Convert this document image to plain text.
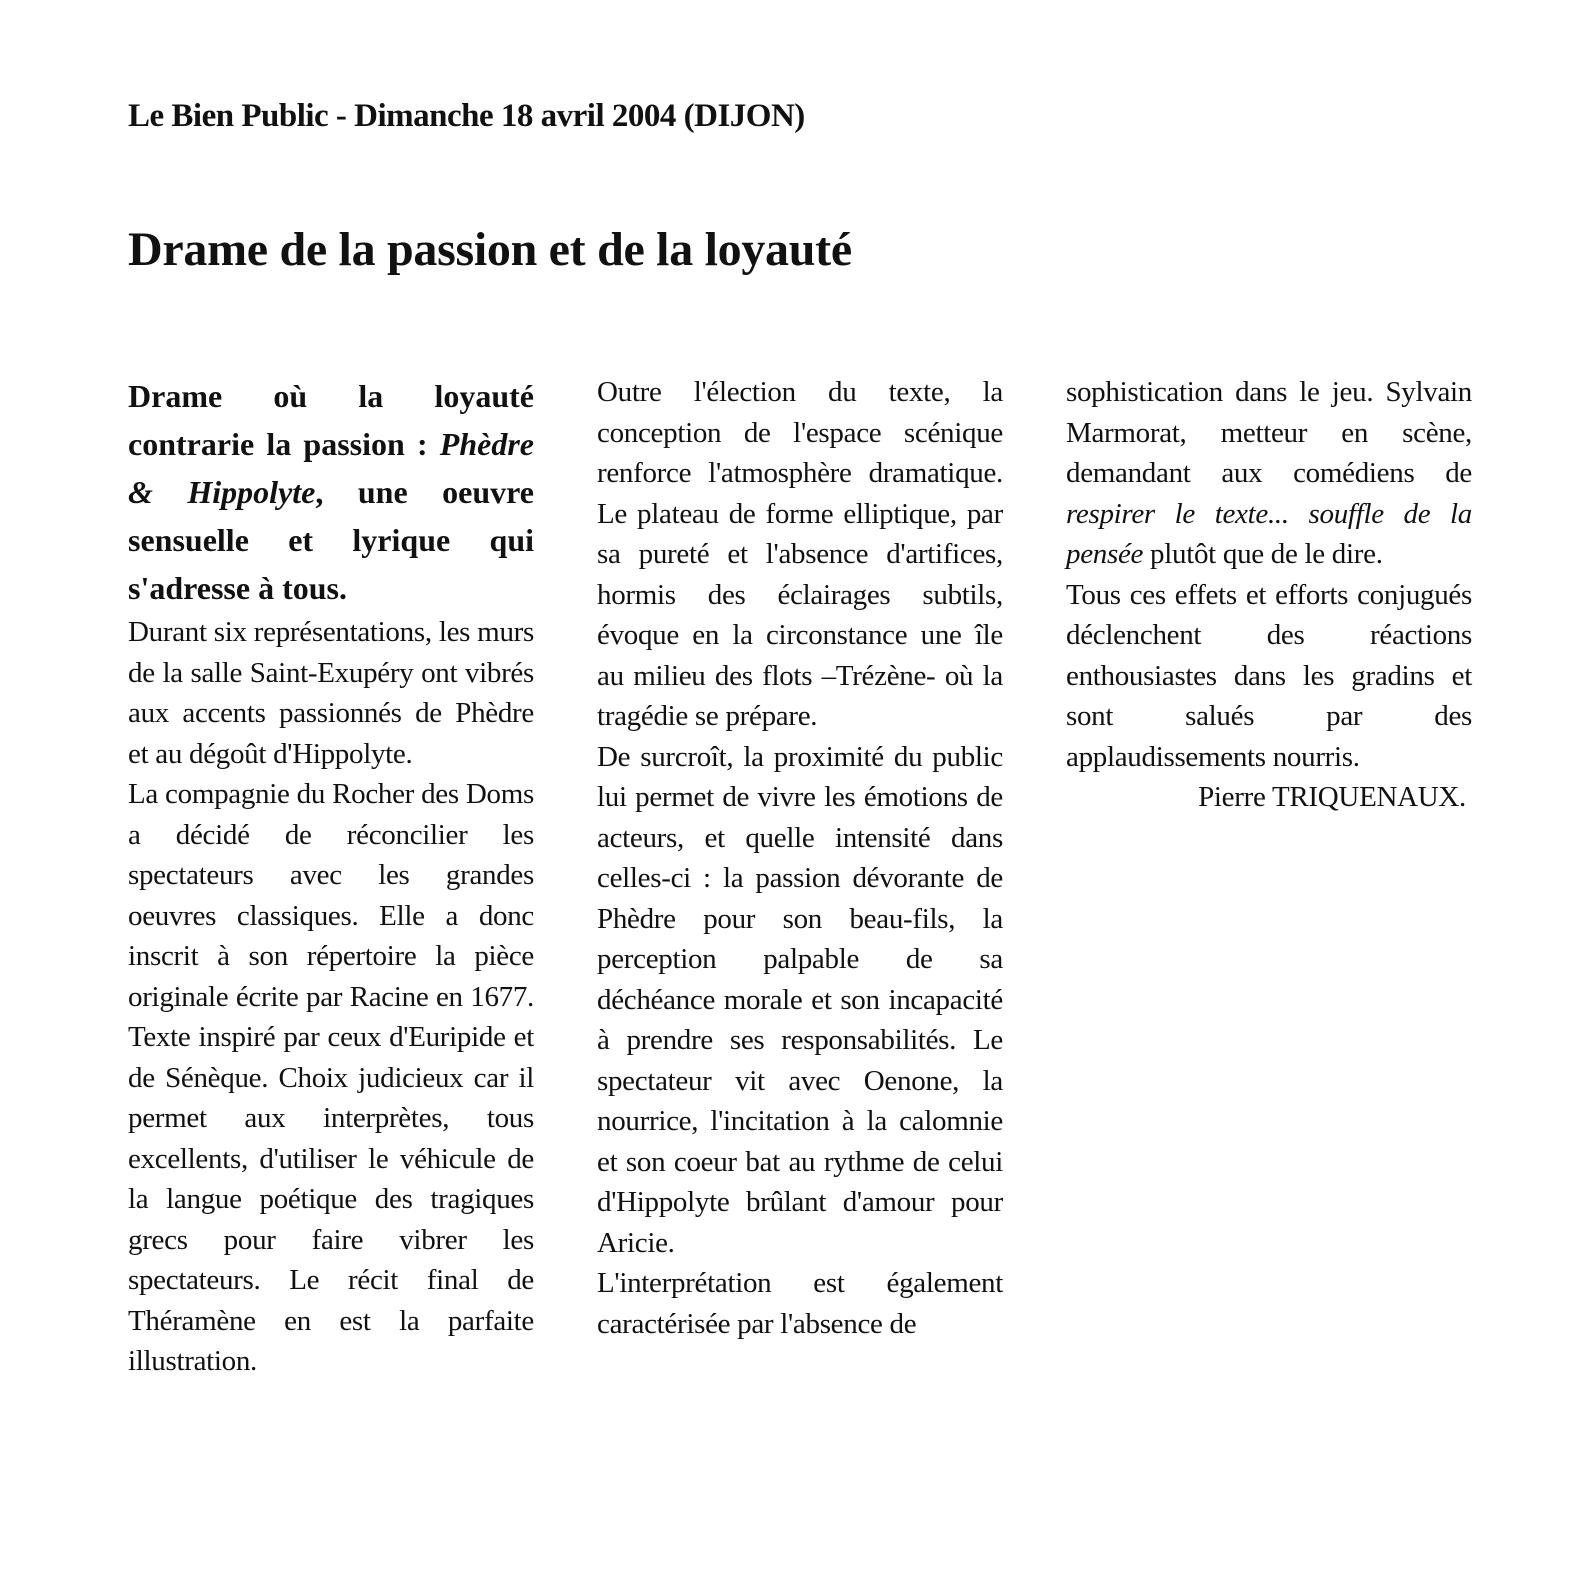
Le Bien Public - Dimanche 18 avril 2004 (DIJON)
Drame de la passion et de la loyauté

Drame où la loyauté contrarie la passion : Phèdre & Hippolyte, une oeuvre sensuelle et lyrique qui s'adresse à tous.

Durant six représentations, les murs de la salle Saint-Exupéry ont vibrés aux accents passionnés de Phèdre et au dégoût d'Hippolyte.

La compagnie du Rocher des Doms a décidé de réconcilier les spectateurs avec les grandes oeuvres classiques. Elle a donc inscrit à son répertoire la pièce originale écrite par Racine en 1677. Texte inspiré par ceux d'Euripide et de Sénèque. Choix judicieux car il permet aux interprètes, tous excellents, d'utiliser le véhicule de la langue poétique des tragiques grecs pour faire vibrer les spectateurs. Le récit final de Théramène en est la parfaite illustration.

Outre l'élection du texte, la conception de l'espace scénique renforce l'atmosphère dramatique. Le plateau de forme elliptique, par sa pureté et l'absence d'artifices, hormis des éclairages subtils, évoque en la circonstance une île au milieu des flots –Trézène- où la tragédie se prépare.

De surcroît, la proximité du public lui permet de vivre les émotions de acteurs, et quelle intensité dans celles-ci : la passion dévorante de Phèdre pour son beau-fils, la perception palpable de sa déchéance morale et son incapacité à prendre ses responsabilités. Le spectateur vit avec Oenone, la nourrice, l'incitation à la calomnie et son coeur bat au rythme de celui d'Hippolyte brûlant d'amour pour Aricie.

L'interprétation est également caractérisée par l'absence de

sophistication dans le jeu. Sylvain Marmorat, metteur en scène, demandant aux comédiens de respirer le texte... souffle de la pensée plutôt que de le dire.

Tous ces effets et efforts conjugués déclenchent des réactions enthousiastes dans les gradins et sont salués par des applaudissements nourris.

Pierre TRIQUENAUX.
